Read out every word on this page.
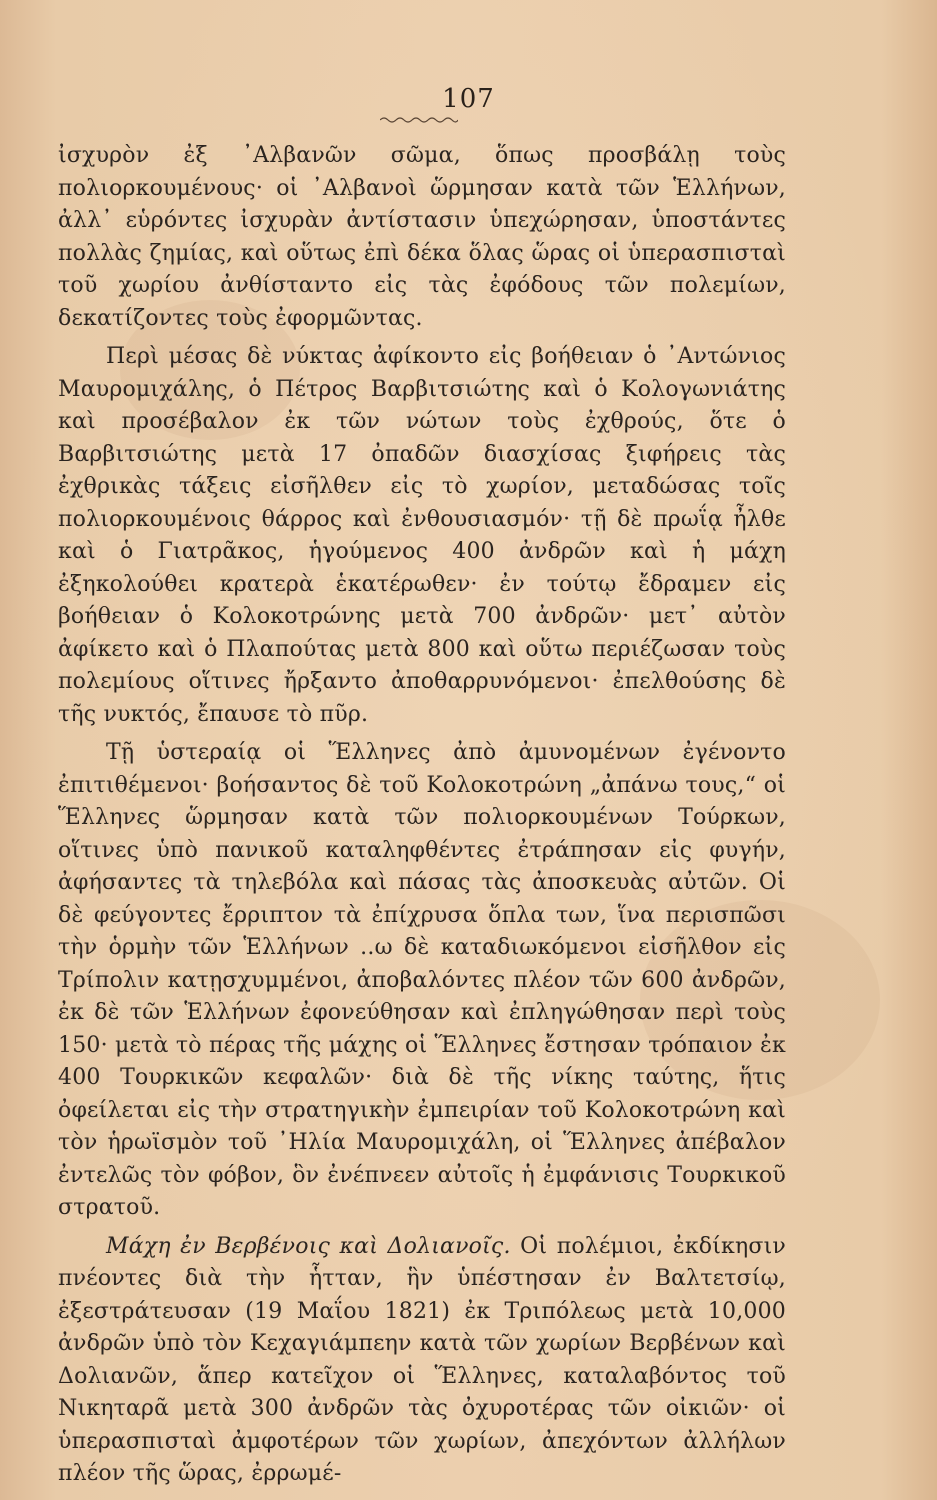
107

ἰσχυρὸν ἐξ ᾿Αλβανῶν σῶμα, ὅπως προσβάλῃ τοὺς πολιορκουμένους· οἱ ᾿Αλβανοὶ ὥρμησαν κατὰ τῶν Ἑλλήνων, ἀλλ᾿ εὑρόντες ἰσχυρὰν ἀντίστασιν ὑπεχώρησαν, ὑποστάντες πολλὰς ζημίας, καὶ οὕτως ἐπὶ δέκα ὅλας ὥρας οἱ ὑπερασπισταὶ τοῦ χωρίου ἀνθίσταντο εἰς τὰς ἐφόδους τῶν πολεμίων, δεκατίζοντες τοὺς ἐφορμῶντας.

Περὶ μέσας δὲ νύκτας ἀφίκοντο εἰς βοήθειαν ὁ ᾿Αντώνιος Μαυρομιχάλης, ὁ Πέτρος Βαρβιτσιώτης καὶ ὁ Κολογωνιάτης καὶ προσέβαλον ἐκ τῶν νώτων τοὺς ἐχθρούς, ὅτε ὁ Βαρβιτσιώτης μετὰ 17 ὀπαδῶν διασχίσας ξιφήρεις τὰς ἐχθρικὰς τάξεις εἰσῆλθεν εἰς τὸ χωρίον, μεταδώσας τοῖς πολιορκουμένοις θάρρος καὶ ἐνθουσιασμόν· τῇ δὲ πρωΐᾳ ἦλθε καὶ ὁ Γιατρᾶκος, ἡγούμενος 400 ἀνδρῶν καὶ ἡ μάχη ἐξηκολούθει κρατερὰ ἑκατέρωθεν· ἐν τούτῳ ἔδραμεν εἰς βοήθειαν ὁ Κολοκοτρώνης μετὰ 700 ἀνδρῶν· μετ᾿ αὐτὸν ἀφίκετο καὶ ὁ Πλαπούτας μετὰ 800 καὶ οὕτω περιέζωσαν τοὺς πολεμίους οἵτινες ἤρξαντο ἀποθαρρυνόμενοι· ἐπελθούσης δὲ τῆς νυκτός, ἔπαυσε τὸ πῦρ.

Τῇ ὑστεραίᾳ οἱ Ἕλληνες ἀπὸ ἀμυνομένων ἐγένοντο ἐπιτιθέμενοι· βοήσαντος δὲ τοῦ Κολοκοτρώνη „ἀπάνω τους,“ οἱ Ἕλληνες ὥρμησαν κατὰ τῶν πολιορκουμένων Τούρκων, οἵτινες ὑπὸ πανικοῦ καταληφθέντες ἐτράπησαν εἰς φυγήν, ἀφήσαντες τὰ τηλεβόλα καὶ πάσας τὰς ἀποσκευὰς αὐτῶν. Οἱ δὲ φεύγοντες ἔρριπτον τὰ ἐπίχρυσα ὅπλα των, ἵνα περισπῶσι τὴν ὁρμὴν τῶν Ἑλλήνων ..ω δὲ καταδιωκόμενοι εἰσῆλθον εἰς Τρίπολιν κατῃσχυμμένοι, ἀποβαλόντες πλέον τῶν 600 ἀνδρῶν, ἐκ δὲ τῶν Ἑλλήνων ἐφονεύθησαν καὶ ἐπληγώθησαν περὶ τοὺς 150· μετὰ τὸ πέρας τῆς μάχης οἱ Ἕλληνες ἔστησαν τρόπαιον ἐκ 400 Τουρκικῶν κεφαλῶν· διὰ δὲ τῆς νίκης ταύτης, ἥτις ὀφείλεται εἰς τὴν στρατηγικὴν ἐμπειρίαν τοῦ Κολοκοτρώνη καὶ τὸν ἡρωϊσμὸν τοῦ ᾿Ηλία Μαυρομιχάλη, οἱ Ἕλληνες ἀπέβαλον ἐντελῶς τὸν φόβον, ὃν ἐνέπνεεν αὐτοῖς ἡ ἐμφάνισις Τουρκικοῦ στρατοῦ.

Μάχη ἐν Βερβένοις καὶ Δολιανοῖς. Οἱ πολέμιοι, ἐκδίκησιν πνέοντες διὰ τὴν ἧτταν, ἣν ὑπέστησαν ἐν Βαλτετσίῳ, ἐξεστράτευσαν (19 Μαΐου 1821) ἐκ Τριπόλεως μετὰ 10,000 ἀνδρῶν ὑπὸ τὸν Κεχαγιάμπεην κατὰ τῶν χωρίων Βερβένων καὶ Δολιανῶν, ἅπερ κατεῖχον οἱ Ἕλληνες, καταλαβόντος τοῦ Νικηταρᾶ μετὰ 300 ἀνδρῶν τὰς ὀχυροτέρας τῶν οἰκιῶν· οἱ ὑπερασπισταὶ ἀμφοτέρων τῶν χωρίων, ἀπεχόντων ἀλλήλων πλέον τῆς ὥρας, ἐρρωμέ-
